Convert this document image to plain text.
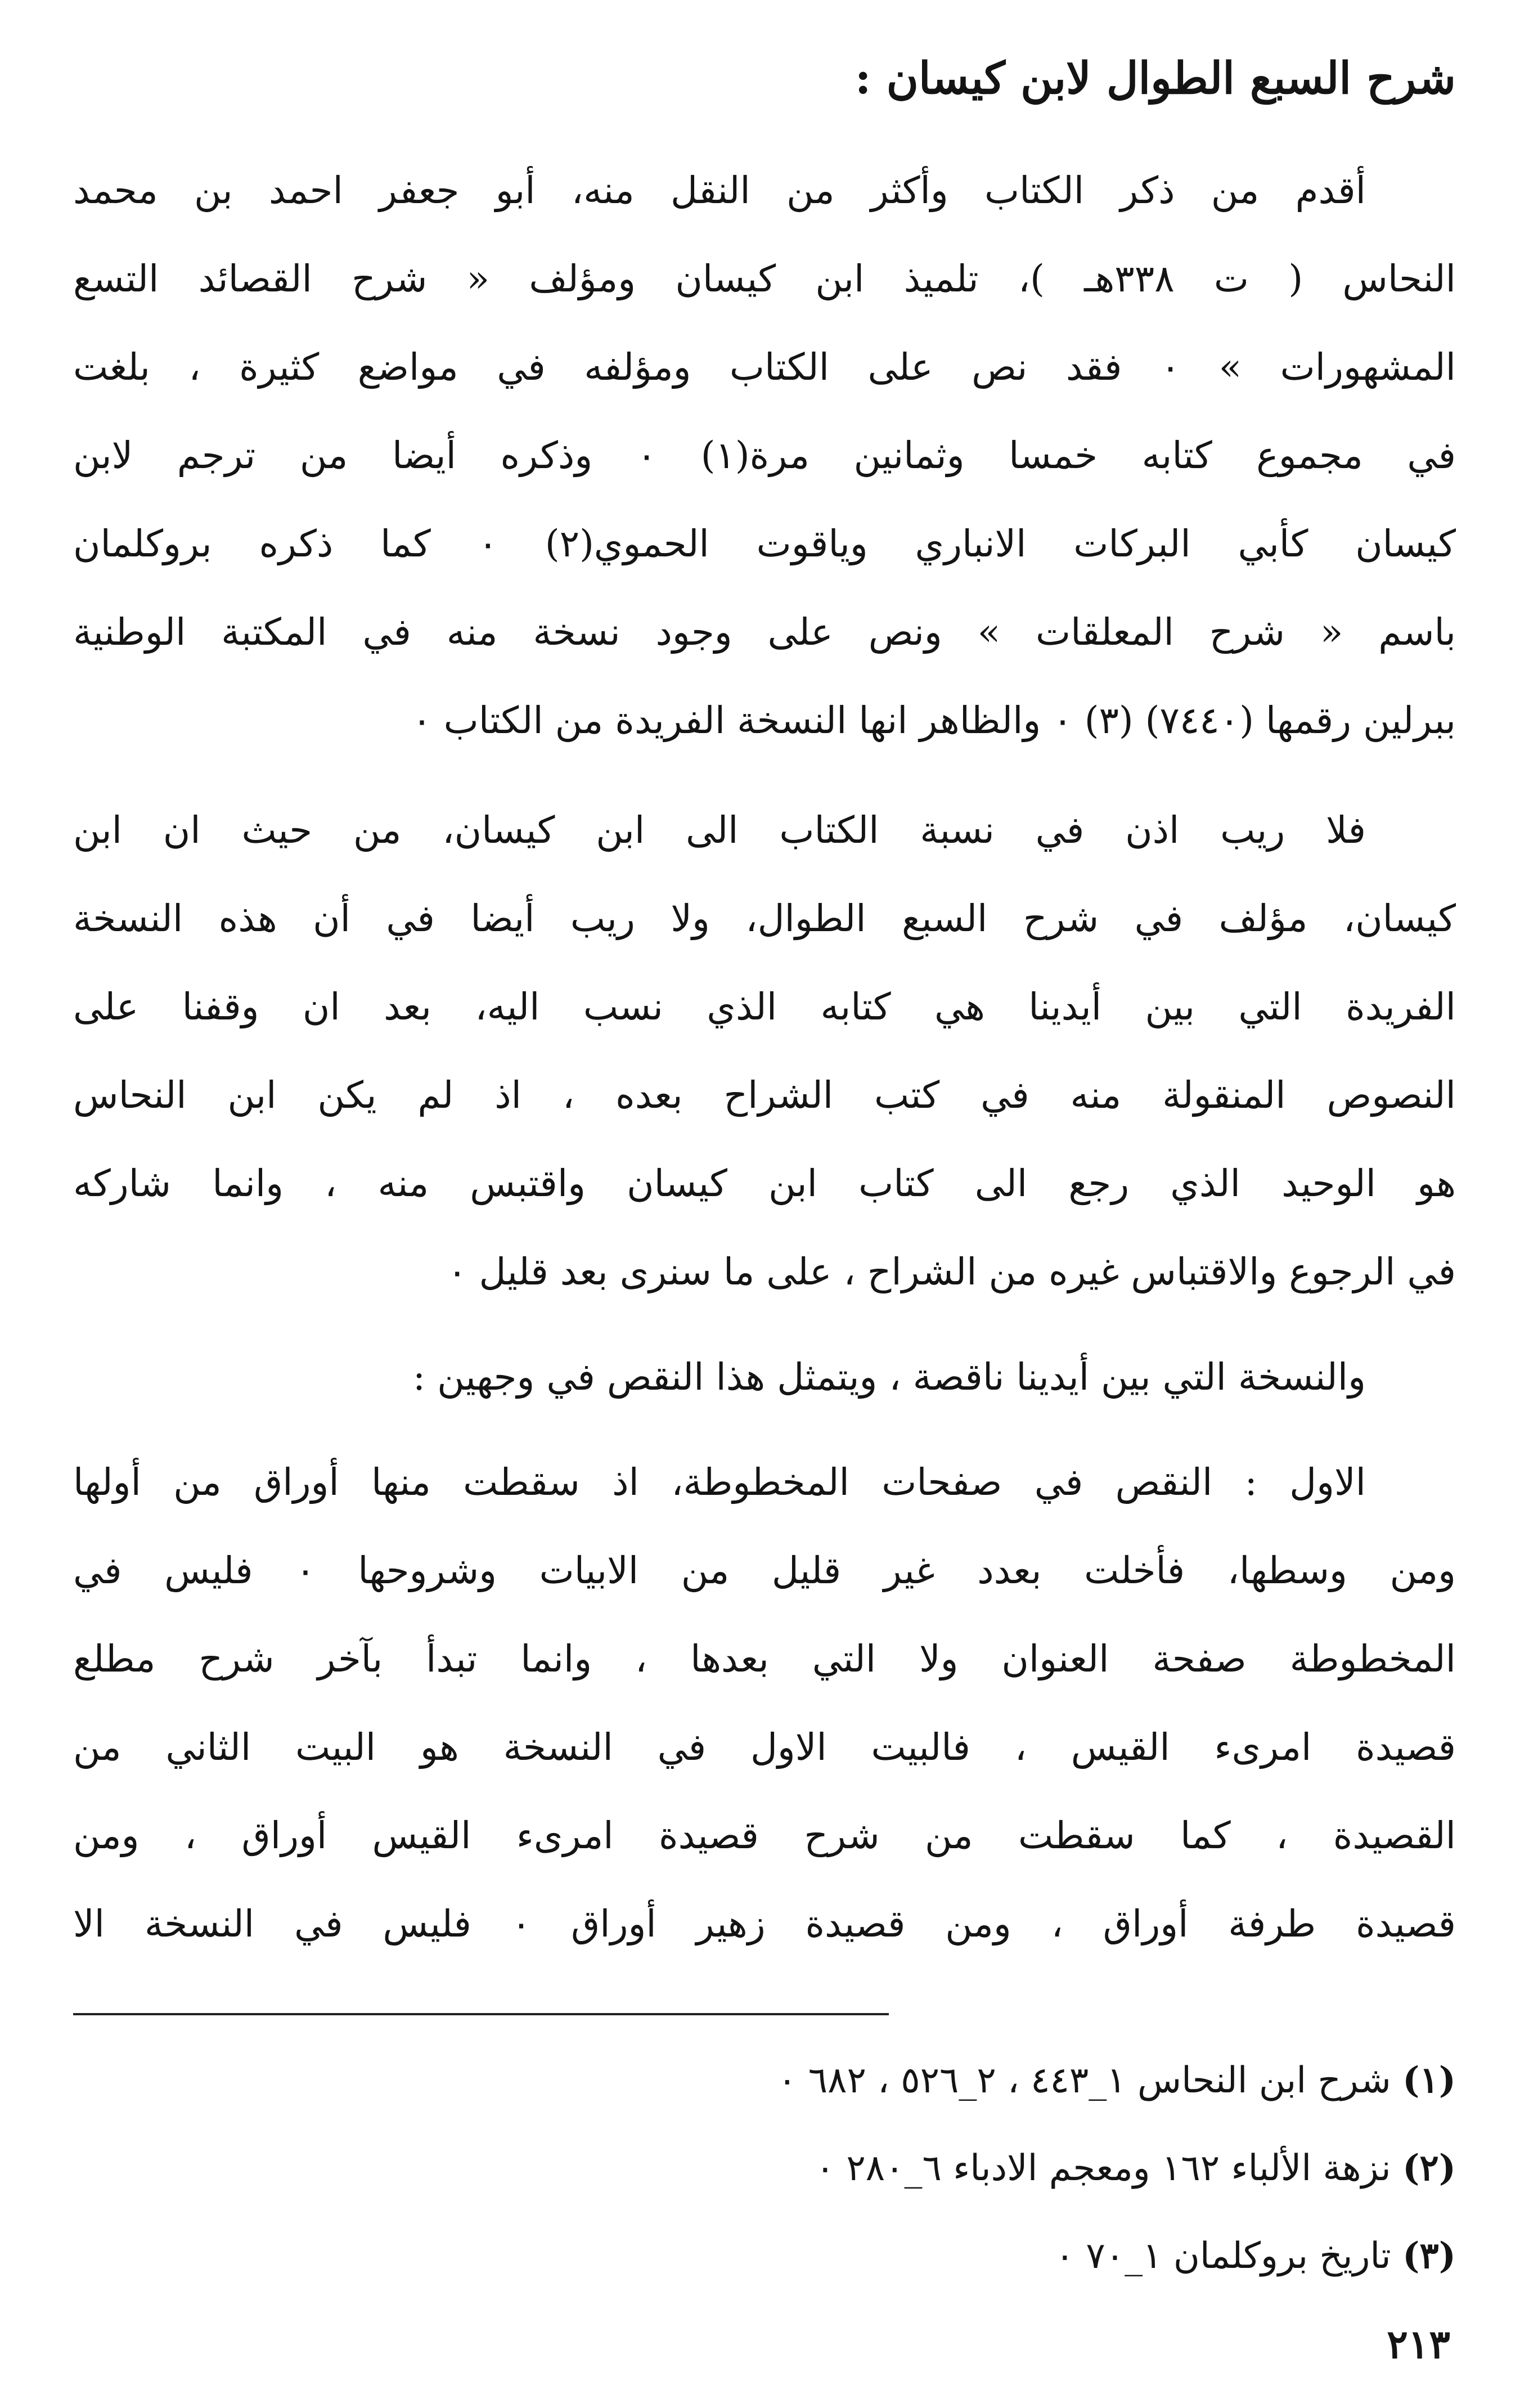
شرح السبع الطوال لابن كيسان :
أقدم من ذكر الكتاب وأكثر من النقل منه، أبو جعفر احمد بن محمد
النحاس ( ت ٣٣٨هـ )، تلميذ ابن كيسان ومؤلف « شرح القصائد التسع
المشهورات » ٠ فقد نص على الكتاب ومؤلفه في مواضع كثيرة ، بلغت
في مجموع كتابه خمسا وثمانين مرة(١) ٠ وذكره أيضا من ترجم لابن
كيسان كأبي البركات الانباري وياقوت الحموي(٢) ٠ كما ذكره بروكلمان
باسم « شرح المعلقات » ونص على وجود نسخة منه في المكتبة الوطنية
ببرلين رقمها (٧٤٤٠) (٣) ٠ والظاهر انها النسخة الفريدة من الكتاب ٠
فلا ريب اذن في نسبة الكتاب الى ابن كيسان، من حيث ان ابن
كيسان، مؤلف في شرح السبع الطوال، ولا ريب أيضا في أن هذه النسخة
الفريدة التي بين أيدينا هي كتابه الذي نسب اليه، بعد ان وقفنا على
النصوص المنقولة منه في كتب الشراح بعده ، اذ لم يكن ابن النحاس
هو الوحيد الذي رجع الى كتاب ابن كيسان واقتبس منه ، وانما شاركه
في الرجوع والاقتباس غيره من الشراح ، على ما سنرى بعد قليل ٠
والنسخة التي بين أيدينا ناقصة ، ويتمثل هذا النقص في وجهين :
الاول : النقص في صفحات المخطوطة، اذ سقطت منها أوراق من أولها
ومن وسطها، فأخلت بعدد غير قليل من الابيات وشروحها ٠ فليس في
المخطوطة صفحة العنوان ولا التي بعدها ، وانما تبدأ بآخر شرح مطلع
قصيدة امرىء القيس ، فالبيت الاول في النسخة هو البيت الثاني من
القصيدة ، كما سقطت من شرح قصيدة امرىء القيس أوراق ، ومن
قصيدة طرفة أوراق ، ومن قصيدة زهير أوراق ٠ فليس في النسخة الا
(١) شرح ابن النحاس ١_٤٤٣ ، ٢_٥٢٦ ، ٦٨٢ ٠
(٢) نزهة الألباء ١٦٢ ومعجم الادباء ٦_٢٨٠ ٠
(٣) تاريخ بروكلمان ١_٧٠ ٠
٢١٣
